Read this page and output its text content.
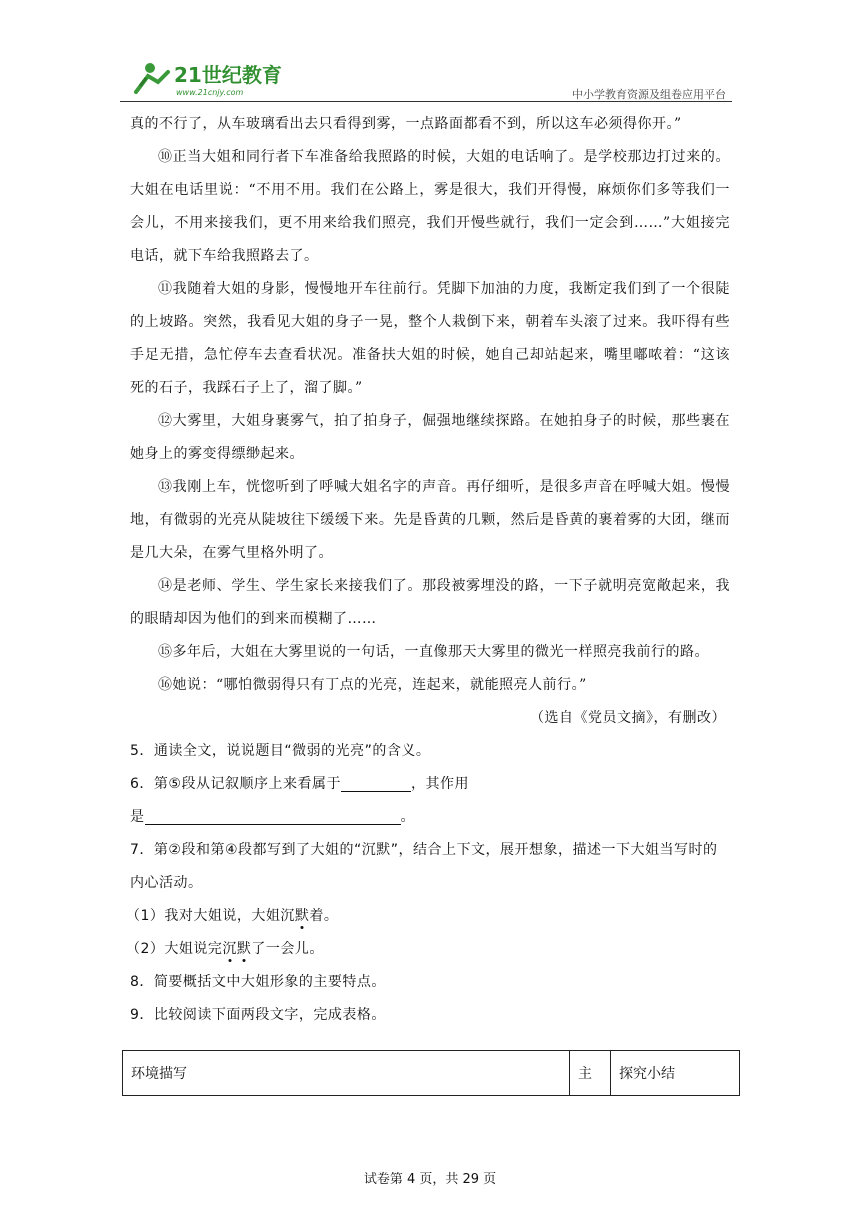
21世纪教育
www.21cnjy.com	中小学教育资源及组卷应用平台

真的不行了，从车玻璃看出去只看得到雾，一点路面都看不到，所以这车必须得你开。”

⑩正当大姐和同行者下车准备给我照路的时候，大姐的电话响了。是学校那边打过来的。大姐在电话里说：“不用不用。我们在公路上，雾是很大，我们开得慢，麻烦你们多等我们一会儿，不用来接我们，更不用来给我们照亮，我们开慢些就行，我们一定会到……”大姐接完电话，就下车给我照路去了。

⑪我随着大姐的身影，慢慢地开车往前行。凭脚下加油的力度，我断定我们到了一个很陡的上坡路。突然，我看见大姐的身子一晃，整个人栽倒下来，朝着车头滚了过来。我吓得有些手足无措，急忙停车去查看状况。准备扶大姐的时候，她自己却站起来，嘴里嘟哝着：“这该死的石子，我踩石子上了，溜了脚。”

⑫大雾里，大姐身裹雾气，拍了拍身子，倔强地继续探路。在她拍身子的时候，那些裹在她身上的雾变得缥缈起来。

⑬我刚上车，恍惚听到了呼喊大姐名字的声音。再仔细听，是很多声音在呼喊大姐。慢慢地，有微弱的光亮从陡坡往下缓缓下来。先是昏黄的几颗，然后是昏黄的裹着雾的大团，继而是几大朵，在雾气里格外明了。

⑭是老师、学生、学生家长来接我们了。那段被雾埋没的路，一下子就明亮宽敞起来，我的眼睛却因为他们的到来而模糊了……

⑮多年后，大姐在大雾里说的一句话，一直像那天大雾里的微光一样照亮我前行的路。

⑯她说：“哪怕微弱得只有丁点的光亮，连起来，就能照亮人前行。”

（选自《党员文摘》，有删改）

5．通读全文，说说题目“微弱的光亮”的含义。

6．第⑤段从记叙顺序上来看属于	，其作用

是	。

7．第②段和第④段都写到了大姐的“沉默”，结合上下文，展开想象，描述一下大姐当写时的内心活动。

（1）我对大姐说，大姐沉默着。

（2）大姐说完沉默了一会儿。

8．简要概括文中大姐形象的主要特点。

9．比较阅读下面两段文字，完成表格。

环境描写	主	探究小结
试卷第 4 页，共 29 页
